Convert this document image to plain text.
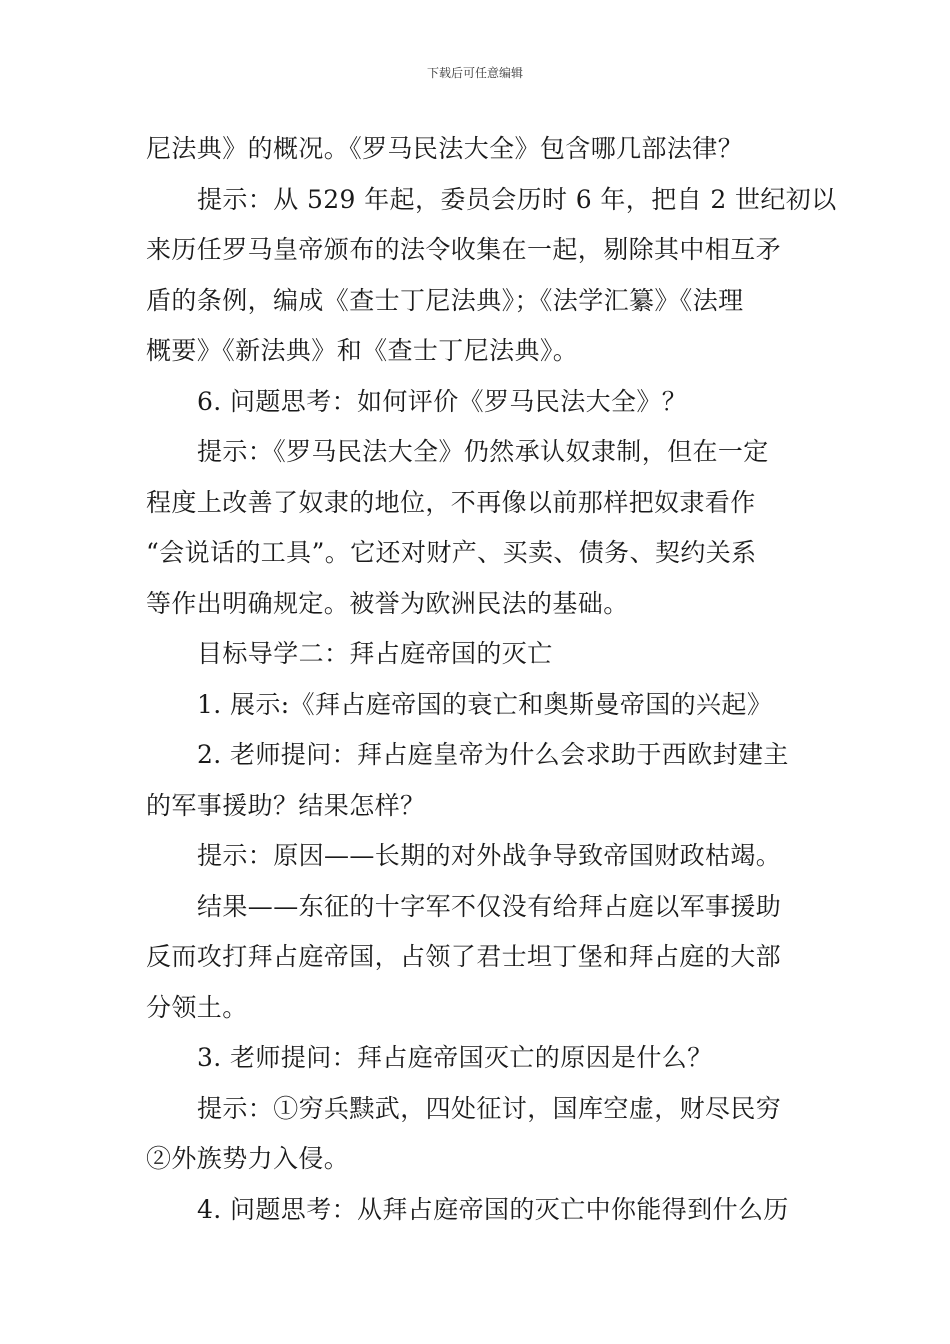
下载后可任意编辑

尼法典》的概况。《罗马民法大全》包含哪几部法律？

提示：从 529 年起，委员会历时 6 年，把自 2 世纪初以

来历任罗马皇帝颁布的法令收集在一起，剔除其中相互矛

盾的条例，编成《查士丁尼法典》；《法学汇纂》《法理

概要》《新法典》和《查士丁尼法典》。

6. 问题思考：如何评价《罗马民法大全》？

提示：《罗马民法大全》仍然承认奴隶制，但在一定

程度上改善了奴隶的地位，不再像以前那样把奴隶看作

“会说话的工具”。它还对财产、买卖、债务、契约关系

等作出明确规定。被誉为欧洲民法的基础。

目标导学二：拜占庭帝国的灭亡

1. 展示:《拜占庭帝国的衰亡和奥斯曼帝国的兴起》

2. 老师提问：拜占庭皇帝为什么会求助于西欧封建主

的军事援助？结果怎样？

提示：原因——长期的对外战争导致帝国财政枯竭。

结果——东征的十字军不仅没有给拜占庭以军事援助

反而攻打拜占庭帝国，占领了君士坦丁堡和拜占庭的大部

分领土。

3. 老师提问：拜占庭帝国灭亡的原因是什么？

提示：①穷兵黩武，四处征讨，国库空虚，财尽民穷

②外族势力入侵。

4. 问题思考：从拜占庭帝国的灭亡中你能得到什么历
